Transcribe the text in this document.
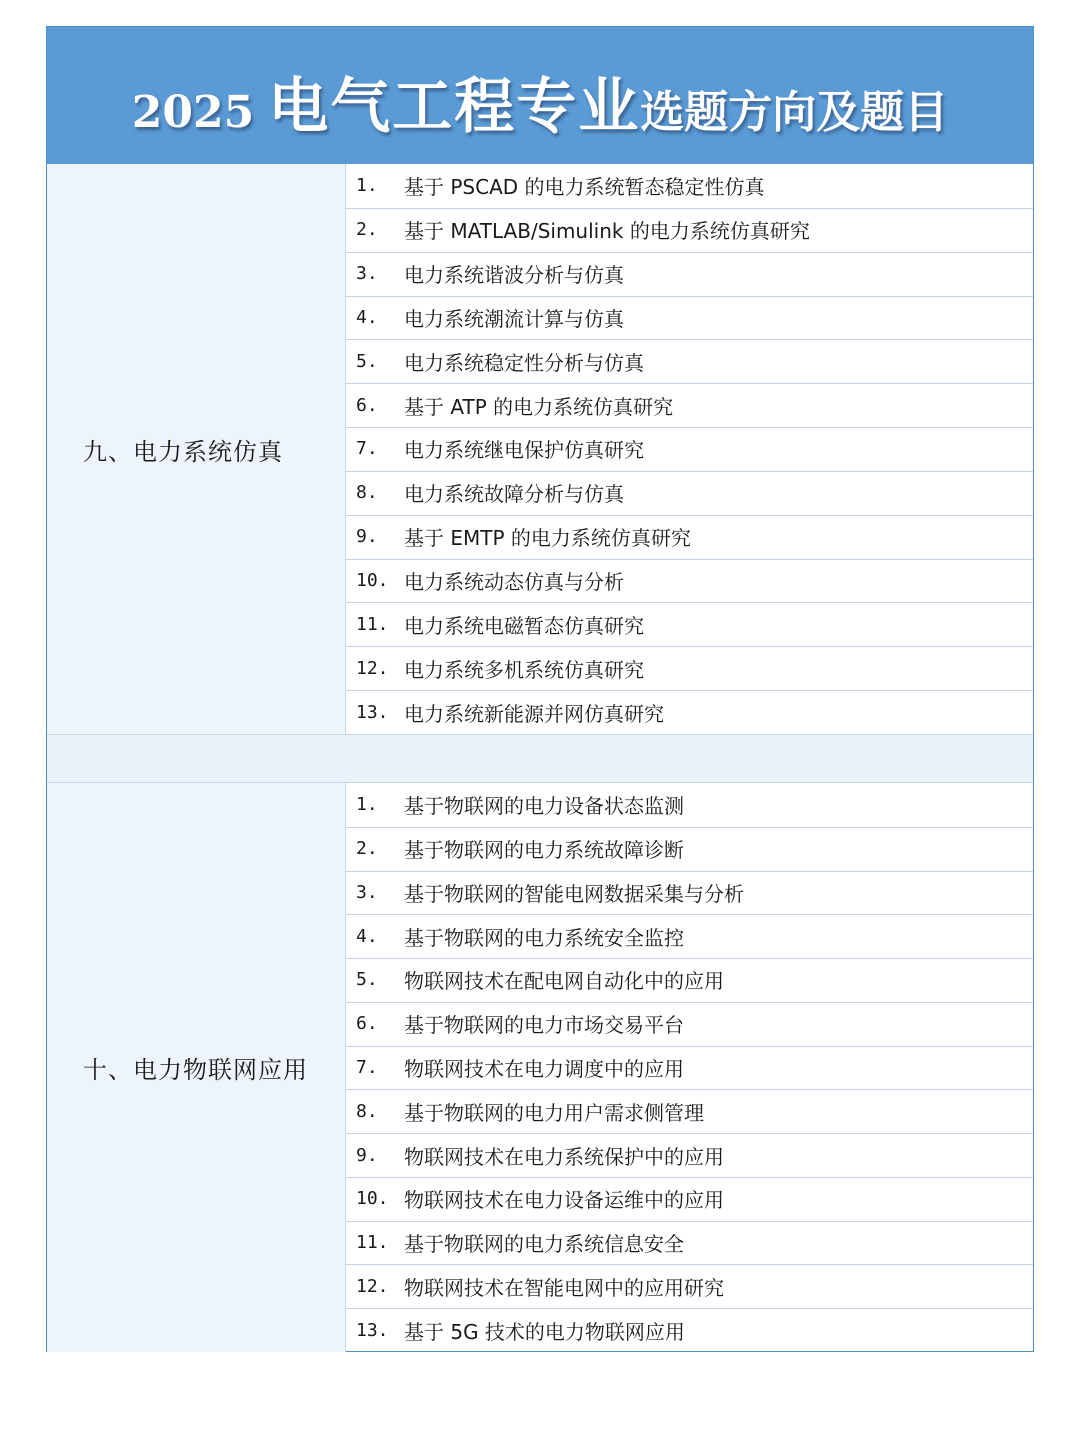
2025 电气工程专业 选题方向及题目
九、电力系统仿真
1.	基于 PSCAD 的电力系统暂态稳定性仿真
2.	基于 MATLAB/Simulink 的电力系统仿真研究
3.	电力系统谐波分析与仿真
4.	电力系统潮流计算与仿真
5.	电力系统稳定性分析与仿真
6.	基于 ATP 的电力系统仿真研究
7.	电力系统继电保护仿真研究
8.	电力系统故障分析与仿真
9.	基于 EMTP 的电力系统仿真研究
10. 电力系统动态仿真与分析
11. 电力系统电磁暂态仿真研究
12. 电力系统多机系统仿真研究
13. 电力系统新能源并网仿真研究
十、电力物联网应用
1.	基于物联网的电力设备状态监测
2.	基于物联网的电力系统故障诊断
3.	基于物联网的智能电网数据采集与分析
4.	基于物联网的电力系统安全监控
5.	物联网技术在配电网自动化中的应用
6.	基于物联网的电力市场交易平台
7.	物联网技术在电力调度中的应用
8.	基于物联网的电力用户需求侧管理
9.	物联网技术在电力系统保护中的应用
10. 物联网技术在电力设备运维中的应用
11. 基于物联网的电力系统信息安全
12. 物联网技术在智能电网中的应用研究
13. 基于 5G 技术的电力物联网应用
